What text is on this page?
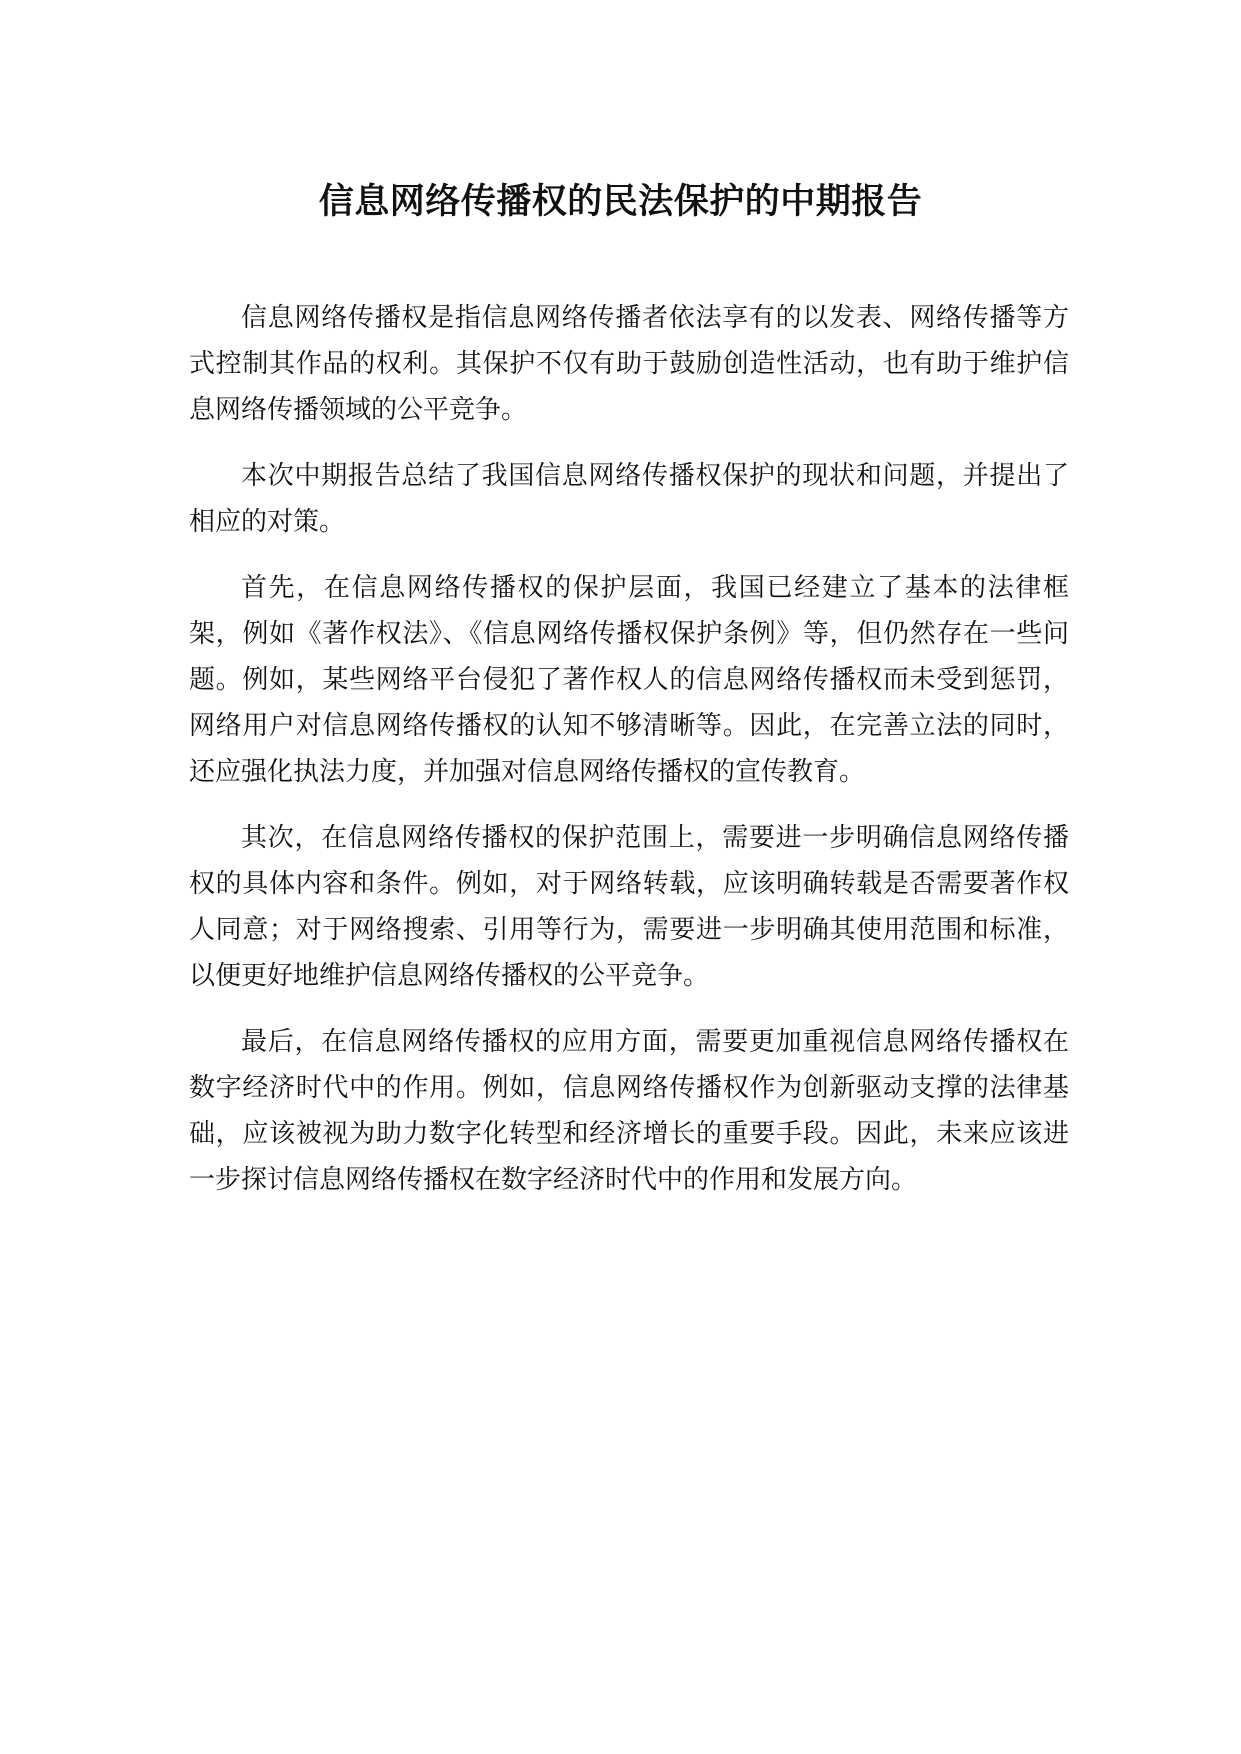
信息网络传播权的民法保护的中期报告

信息网络传播权是指信息网络传播者依法享有的以发表、网络传播等方式控制其作品的权利。其保护不仅有助于鼓励创造性活动，也有助于维护信息网络传播领域的公平竞争。

本次中期报告总结了我国信息网络传播权保护的现状和问题，并提出了相应的对策。

首先，在信息网络传播权的保护层面，我国已经建立了基本的法律框架，例如《著作权法》、《信息网络传播权保护条例》等，但仍然存在一些问题。例如，某些网络平台侵犯了著作权人的信息网络传播权而未受到惩罚，网络用户对信息网络传播权的认知不够清晰等。因此，在完善立法的同时，还应强化执法力度，并加强对信息网络传播权的宣传教育。

其次，在信息网络传播权的保护范围上，需要进一步明确信息网络传播权的具体内容和条件。例如，对于网络转载，应该明确转载是否需要著作权人同意；对于网络搜索、引用等行为，需要进一步明确其使用范围和标准，以便更好地维护信息网络传播权的公平竞争。

最后，在信息网络传播权的应用方面，需要更加重视信息网络传播权在数字经济时代中的作用。例如，信息网络传播权作为创新驱动支撑的法律基础，应该被视为助力数字化转型和经济增长的重要手段。因此，未来应该进一步探讨信息网络传播权在数字经济时代中的作用和发展方向。
